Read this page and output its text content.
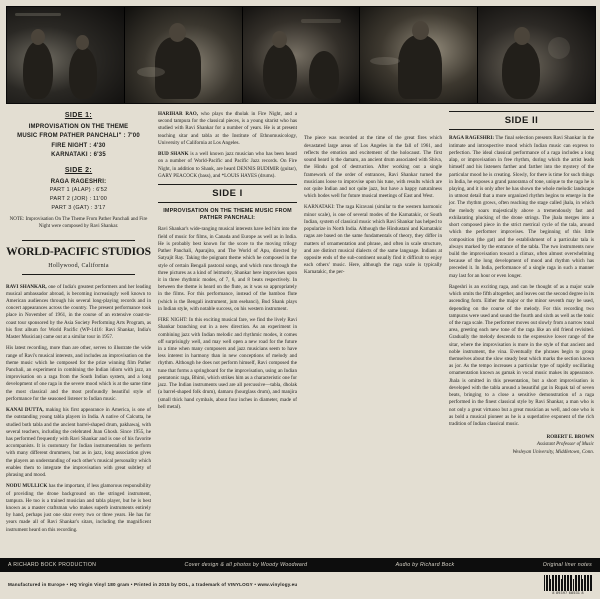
SIDE 1:
IMPROVISATION ON THE THEME
MUSIC FROM PATHER PANCHALI" : 7'00
FIRE NIGHT : 4'30
KARNATAKI : 6'35
SIDE 2:
RAGA RAGESHRI:
PART 1 (ALAP) : 6'52
PART 2 (JOR) : 11'00
PART 3 (GAT) : 3'17
NOTE: Improvisation On The Theme From Pather Panchali and Fire Night were composed by Ravi Shankar.
WORLD-PACIFIC STUDIOS
Hollywood, California

RAVI SHANKAR, one of India's greatest performers and her leading musical ambassador abroad, is becoming increasingly well known to American audiences through his several long-playing records and in concert appearances across the country. The present performance took place in November of 1961, in the course of an extensive coast-to-coast tour sponsored by the Asia Society Performing Arts Program, as his first album for World Pacific (WP-1416: Ravi Shankar, India's Master Musician) came out at a similar tour in 1957.

His latest recording, more than are other, serves to illustrate the wide range of Ravi's musical interests, and includes an improvisation on the theme music which he composed for the prize winning film Pather Panchali, an experiment in combining the Indian idiom with jazz, an improvisation on a raga from the South Indian system, and a long development of one raga in the severe mood which is at the same time the most classical and the most profoundly beautiful style of performance for the seasoned listener to Indian music.

KANAI DUTTA, making his first appearance in America, is one of the outstanding young tabla players in India. A native of Calcutta, he studied both tabla and the ancient barrel-shaped drum, pakhawaj, with several teachers, including the celebrated Jnan Ghosh. Since 1955, he has performed frequently with Ravi Shankar and is one of his favorite accompanists. It is customary for Indian instrumentalists to perform with many different drummers, but as in jazz, long association gives the players an understanding of each other's musical personality which enables them to integrate the improvisation with great subtlety of phrasing and mood.

NODU MULLICK has the important, if less glamorous responsibility of providing the drone background on the stringed instrument, tampura. He too is a trained musician and tabla player, but he is best known as a master craftsman who makes superb instruments entirely by hand, perhaps just one sitar every two or three years. He has for years made all of Ravi Shankar's sitars, including the magnificent instrument heard on this recording.

HARIHAR RAO, who plays the dholak in Fire Night, and a second tampura for the classical pieces, is a young sitarist who has studied with Ravi Shankar for a number of years. He is at present teaching sitar and tabla at the Institute of Ethnomusicology, University of California at Los Angeles.

BUD SHANK is a well known jazz musician who has been heard on a number of World-Pacific and Pacific Jazz records. On Fire Night, in addition to Shank, are heard DENNIS BUDIMIR (guitar), GARY PEACOCK (bass), and *LOUIS HAYES (drums).

SIDE I
IMPROVISATION ON THE THEME MUSIC FROM PATHER PANCHALI:

Ravi Shankar's wide-ranging musical interests have led him into the field of music for films, in Canada and Europe as well as in India. He is probably best known for the score to the moving trilogy Pather Panchali, Aparajito, and The World of Apu, directed by Satyajit Ray. Taking the poignant theme which he composed in the style of certain Bengali pastoral songs, and which runs through the three pictures as a kind of leitmotiv, Shankar here improvises upon it in three rhythmic modes, of 7, 6, and 8 beats respectively. In between the theme is heard on the flute, as it was so appropriately in the films. For this performance, instead of the bamboo flute (which is the Bengali instrument, jum esebanci), Bud Shank plays in Indian style, with notable success, on his western instrument.

FIRE NIGHT: In this exciting musical fare, we find the lively Ravi Shankar branching out in a new direction. As an experiment in combining jazz with Indian melodic and rhythmic modes, it comes off surprisingly well, and may well open a new road for the future in a time when many composers and jazz musicians seem to have less interest in harmony than in new conceptions of melody and rhythm. Although he does not perform himself, Ravi composed the tune that forms a springboard for the improvisation, using an Indian pentatonic raga, Bhimi, which strikes him as a characteristic one for jazz. The Indian instruments used are all percussive—tabla, dholak (a barrel-shaped folk drum), damaru (hourglass drum), and manjira (small thick hand cymbals, about four inches in diameter, made of bell metal).

The piece was recorded at the time of the great fires which devastated large areas of Los Angeles in the fall of 1961, and reflects the emotion and excitement of the holocaust. The first sound heard is the damaru, an ancient drum associated with Shiva, the Hindu god of destruction. After working out a single framework of the order of entrances, Ravi Shankar turned the musicians loose to improvise upon his tune, with results which are not quite Indian and not quite jazz, but have a happy naturalness which bodes well for future musical meetings of East and West.

KARNATAKI: The raga Kiravani (similar to the western harmonic minor scale), is one of several modes of the Karnatakic, or South Indian, system of classical music which Ravi Shankar has helped to popularize in North India. Although the Hindustani and Karnatakic ragas are based on the same fundamentals of theory, they differ in matters of ornamentation and phrase, and often in scale structure, and are distinct musical dialects of the same language. Indians at opposite ends of the sub-continent usually find it difficult to enjoy each others' music. Here, although the raga scale is typically Karnatakic, the per-

SIDE II

RAGA RAGESHRI: The final selection presents Ravi Shankar in the intimate and introspective mood which Indian music can express to perfection. The ideal classical performance of a raga includes a long alap, or improvisation in free rhythm, during which the artist leads himself and his listeners farther and farther into the mystery of the particular mood he is creating. Slowly, for there is time for such things in India, he exposes a grand panorama of tone, unique to the raga he is playing, and it is only after he has shown the whole melodic landscape in utmost detail that a more organized rhythm begins to emerge in the jor. The rhythm grows, often reaching the stage called jhala, in which the melody soars majestically above a tremendously fast and exhilarating plucking of the drone strings. The jhala merges into a short composed piece in the strict metrical cycle of the tala, around which the performer improvises. The beginning of this little composition (the gat) and the establishment of a particular tala is always marked by the entrance of the tabla. The two instruments now build the improvisation toward a climax, often almost overwhelming because of the long development of mood and rhythm which has preceded it. In India, performance of a single raga in such a manner may last for an hour or even longer.

Rageshri is an exciting raga, and can be thought of as a major scale which omits the fifth altogether, and leaves out the second degree in its ascending form. Either the major or the minor seventh may be used, depending on the course of the melody. For this recording two tampuras were used and sound the fourth and sixth as well as the tonic of the raga scale. The performer moves out slowly from a narrow tonal area, greeting each new tone of the raga like an old friend revisited. Gradually the melody descends to the expressive lower range of the sitar, where the improvisation is more in the style of that ancient and noble instrument, the vina. Eventually the phrases begin to group themselves about the slow steady beat which marks the section known as jor. As the tempo increases a particular type of rapidly oscillating ornamentation known as gamak in vocal music makes its appearance. Jhala is omitted in this presentation, but a short improvisation is developed with the tabla around a beautiful gat in Rupak tal of seven beats, bringing to a close a sensitive demonstration of a raga performed in the finest classical style by Ravi Shankar, a man who is not only a great virtuoso but a great musician as well, and one who is as bold a musical pioneer as he is a superlative exponent of the rich tradition of Indian classical music.

ROBERT E. BROWN
Assistant Professor of Music
Wesleyan University, Middletown, Conn.
A RICHARD BOCK PRODUCTION	Cover design & all photos by Woody Woodward	Audio by Richard Bock	Original liner notes
Manufactured in Europe • HQ Virgin Vinyl 180 gram • Printed in 2015 by DOL, a trademark of VINYLOGY • www.vinylogy.eu
8 89397 68531 8
